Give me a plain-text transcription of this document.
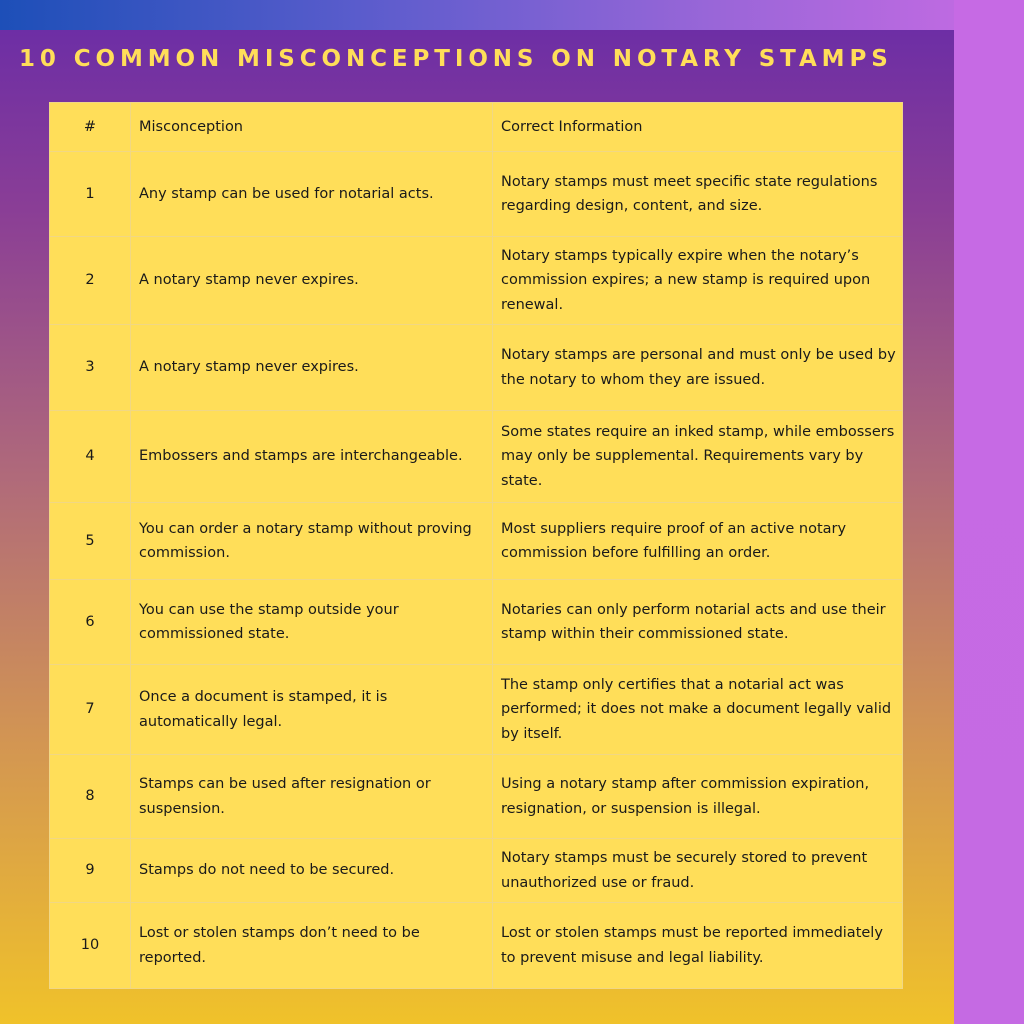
10 COMMON MISCONCEPTIONS ON NOTARY STAMPS
#	Misconception	Correct Information
1	Any stamp can be used for notarial acts.	Notary stamps must meet specific state regulations regarding design, content, and size.
2	A notary stamp never expires.	Notary stamps typically expire when the notary’s commission expires; a new stamp is required upon renewal.
3	A notary stamp never expires.	Notary stamps are personal and must only be used by the notary to whom they are issued.
4	Embossers and stamps are interchangeable.	Some states require an inked stamp, while embossers may only be supplemental. Requirements vary by state.
5	You can order a notary stamp without proving commission.	Most suppliers require proof of an active notary commission before fulfilling an order.
6	You can use the stamp outside your commissioned state.	Notaries can only perform notarial acts and use their stamp within their commissioned state.
7	Once a document is stamped, it is automatically legal.	The stamp only certifies that a notarial act was performed; it does not make a document legally valid by itself.
8	Stamps can be used after resignation or suspension.	Using a notary stamp after commission expiration, resignation, or suspension is illegal.
9	Stamps do not need to be secured.	Notary stamps must be securely stored to prevent unauthorized use or fraud.
10	Lost or stolen stamps don’t need to be reported.	Lost or stolen stamps must be reported immediately to prevent misuse and legal liability.
